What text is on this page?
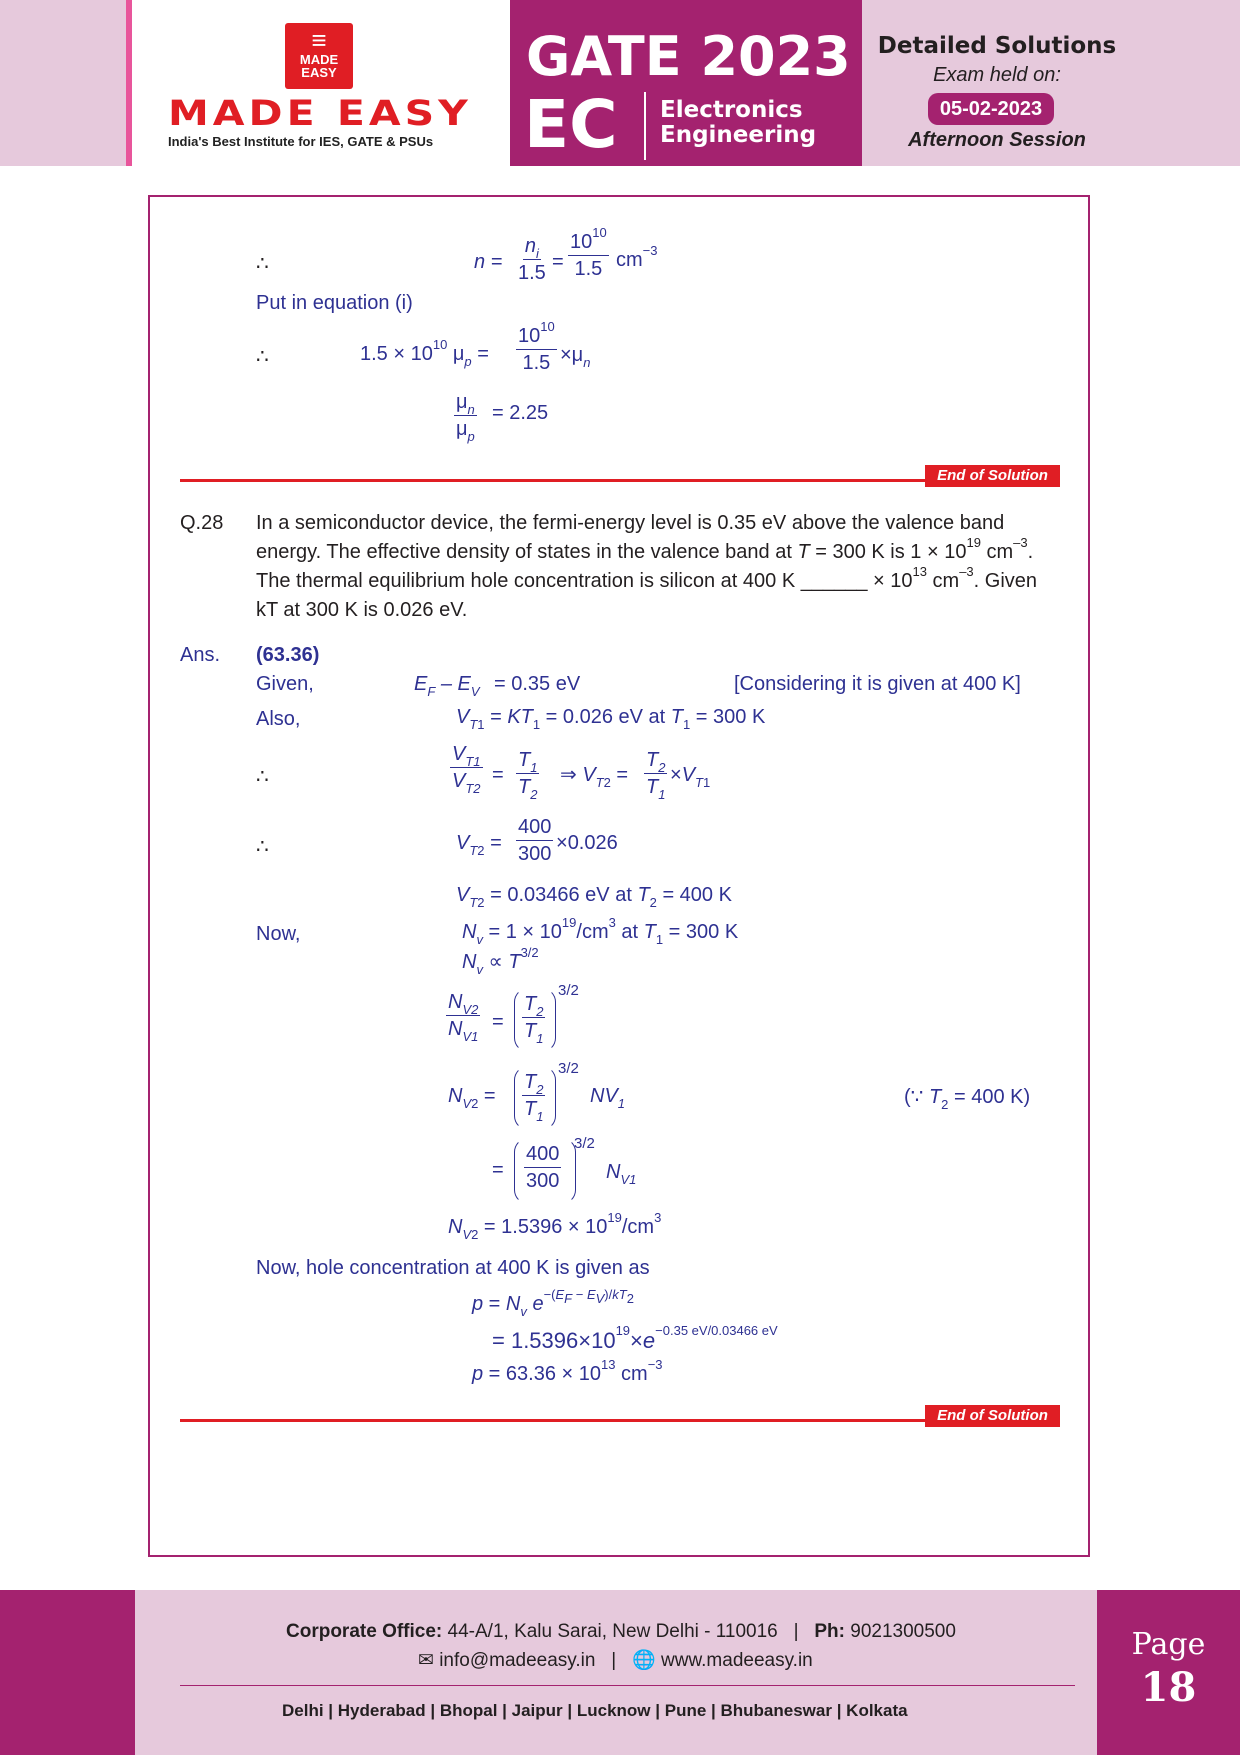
≡
MADE
EASY
MADE EASY
India's Best Institute for IES, GATE & PSUs
GATE 2023
EC Electronics
Engineering
Detailed Solutions
Exam held on:
05-02-2023
Afternoon Session
∴	$n = \frac{n_i}{1.5} = \frac{10^{10}}{1.5} cm^{-3}$
Put in equation (i)
∴	$1.5 \times 10^{10}$ $\mu_p = \frac{10^{10}}{1.5} \times\mu_n$
$\frac{\mu_n}{\mu_p} = 2.25$
End of Solution
Q.28 In a semiconductor device, the fermi-energy level is 0.35 eV above the valence band
energy. The effective density of states in the valence band at T = 300 K is $1 \times 10^{19}$ $cm^{-3}$.
The thermal equilibrium hole concentration is silicon at 400 K ______ × $10^{13}$ $cm^{-3}$. Given
kT at 300 K is 0.026 eV.
Ans. (63.36)
Given,	$E_F - E_V = 0.35$ eV	[Considering it is given at 400 K]
Also,	$V_{T1} = KT_1 = 0.026$ eV at $T_1 = 300$ K
∴	$\frac{V_{T1}}{V_{T2}} = \frac{T_1}{T_2}$ ⇒ $V_{T2} = \frac{T_2}{T_1} \times V_{T1}$
∴	$V_{T2} = \frac{400}{300} \times 0.026$
$V_{T2} = 0.03466$ eV at $T_2 = 400$ K
Now,	$N_v = 1 \times 10^{19}/cm^3$ at $T_1 = 300$ K
$N_v \propto T^{3/2}$
$\frac{N_{V2}}{N_{V1}} = \frac{T_2}{T_1}$
3/2
$N_{V2} = \frac{T_2}{T_1}$
3/2
$NV_1$	(∵ $T_2 = 400$ K)
= $\frac{400}{300}$
3/2
$N_{V1}$
$N_{V2} = 1.5396 \times 10^{19}/cm^3$
Now, hole concentration at 400 K is given as
$p = N_v$ $e^{-(E_F - E_V)/kT_2}$
= $1.5396\times 10^{19}\times e^{-0.35 eV/0.03466 eV}$
$p = 63.36 \times 10^{13}$ $cm^{-3}$
End of Solution
Corporate Office: 44-A/1, Kalu Sarai, New Delhi - 110016   |   Ph: 9021300500
✉ info@madeeasy.in   |   🌐 www.madeeasy.in
Delhi | Hyderabad | Bhopal | Jaipur | Lucknow | Pune | Bhubaneswar | Kolkata
Page
18
